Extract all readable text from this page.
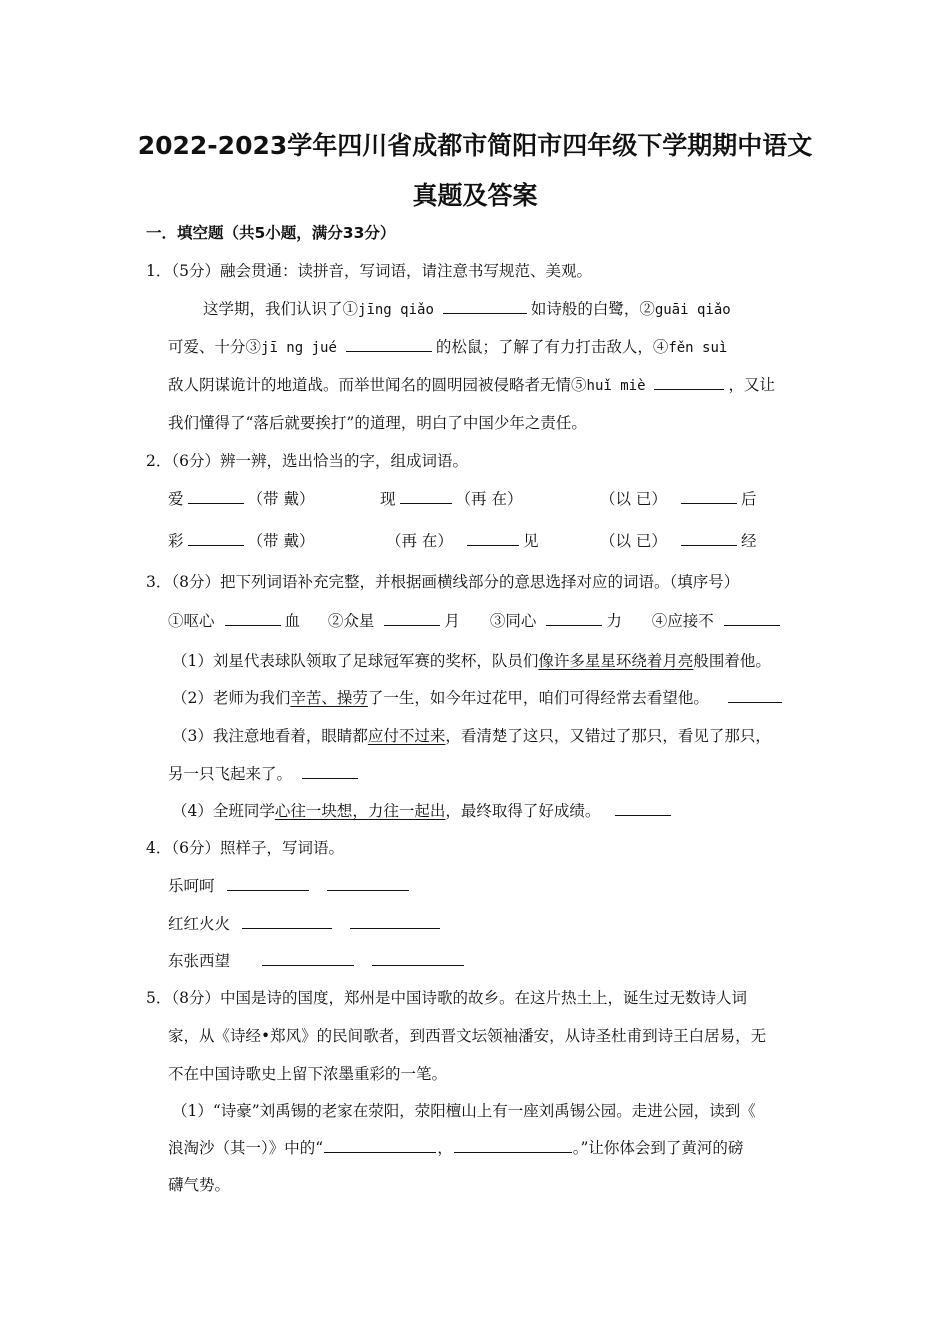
2022-2023学年四川省成都市简阳市四年级下学期期中语文
真题及答案
一．填空题（共5小题，满分33分）
1．（5分）融会贯通：读拼音，写词语，请注意书写规范、美观。
这学期，我们认识了①jīng qiǎo	如诗般的白鹭，②guāi qiǎo
可爱、十分③jī ng jué	的松鼠；了解了有力打击敌人，④fěn suì
敌人阴谋诡计的地道战。而举世闻名的圆明园被侵略者无情⑤huǐ miè	，又让
我们懂得了“落后就要挨打”的道理，明白了中国少年之责任。
2．（6分）辨一辨，选出恰当的字，组成词语。
爱	（带 戴）	现	（再 在）	（以 已）	后
彩	（带 戴）	（再 在）	见	（以 已）	经
3．（8分）把下列词语补充完整，并根据画横线部分的意思选择对应的词语。（填序号）
①呕心	血 ②众星	月 ③同心	力 ④应接不
（1）刘星代表球队领取了足球冠军赛的奖杯，队员们像许多星星环绕着月亮般围着他。
（2）老师为我们辛苦、操劳了一生，如今年过花甲，咱们可得经常去看望他。
（3）我注意地看着，眼睛都应付不过来，看清楚了这只，又错过了那只，看见了那只，
另一只飞起来了。
（4）全班同学心往一块想，力往一起出，最终取得了好成绩。
4．（6分）照样子，写词语。
乐呵呵
红红火火
东张西望
5．（8分）中国是诗的国度，郑州是中国诗歌的故乡。在这片热土上，诞生过无数诗人词
家，从《诗经•郑风》的民间歌者，到西晋文坛领袖潘安，从诗圣杜甫到诗王白居易，无
不在中国诗歌史上留下浓墨重彩的一笔。
（1）“诗豪”刘禹锡的老家在荥阳，荥阳檀山上有一座刘禹锡公园。走进公园，读到《
浪淘沙（其一）》中的“	，	。”让你体会到了黄河的磅
礴气势。
